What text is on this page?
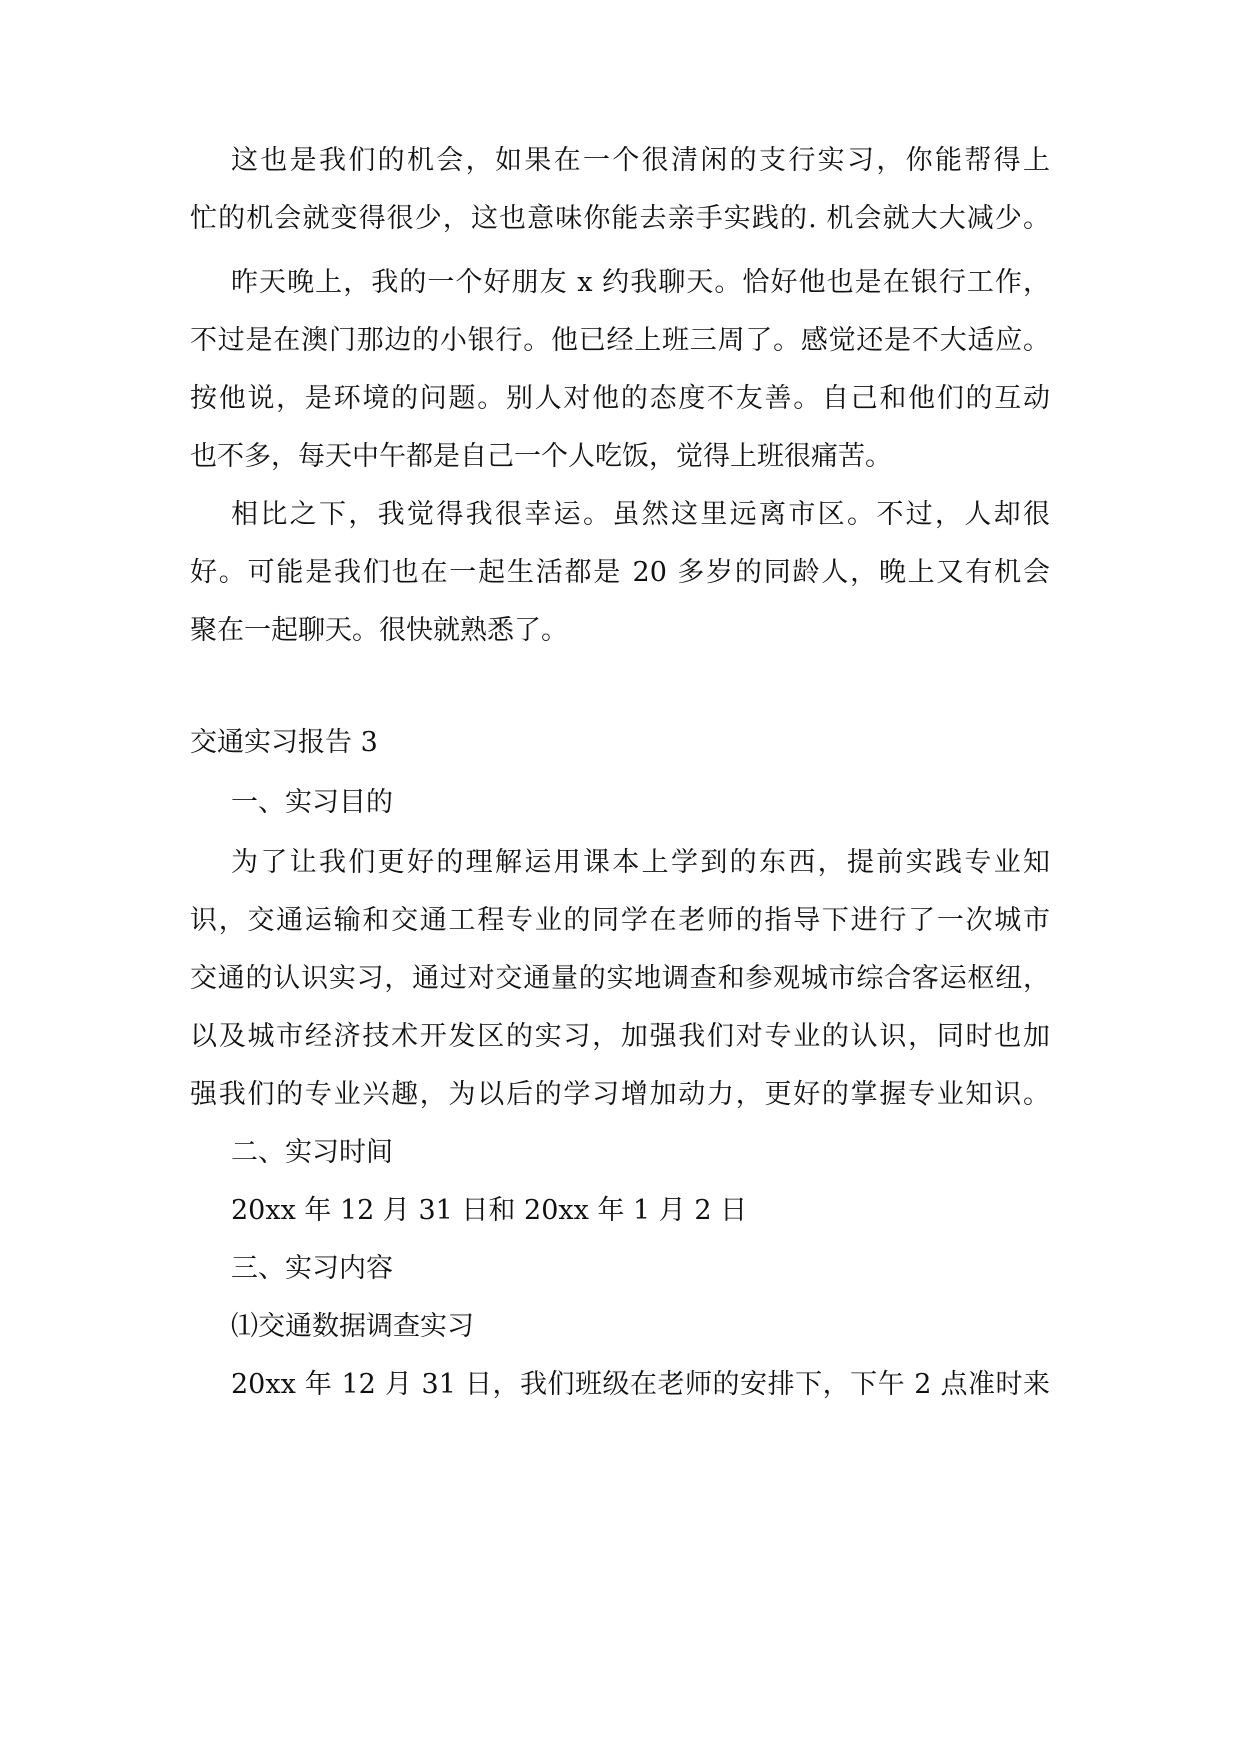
这也是我们的机会，如果在一个很清闲的支行实习，你能帮得上

忙的机会就变得很少，这也意味你能去亲手实践的. 机会就大大减少。

昨天晚上，我的一个好朋友 x 约我聊天。恰好他也是在银行工作，

不过是在澳门那边的小银行。他已经上班三周了。感觉还是不大适应。

按他说，是环境的问题。别人对他的态度不友善。自己和他们的互动

也不多，每天中午都是自己一个人吃饭，觉得上班很痛苦。

相比之下，我觉得我很幸运。虽然这里远离市区。不过，人却很

好。可能是我们也在一起生活都是 20 多岁的同龄人，晚上又有机会

聚在一起聊天。很快就熟悉了。

交通实习报告 3

一、实习目的

为了让我们更好的理解运用课本上学到的东西，提前实践专业知

识，交通运输和交通工程专业的同学在老师的指导下进行了一次城市

交通的认识实习，通过对交通量的实地调查和参观城市综合客运枢纽，

以及城市经济技术开发区的实习，加强我们对专业的认识，同时也加

强我们的专业兴趣，为以后的学习增加动力，更好的掌握专业知识。

二、实习时间

20xx 年 12 月 31 日和 20xx 年 1 月 2 日

三、实习内容

⑴交通数据调查实习

20xx 年 12 月 31 日，我们班级在老师的安排下，下午 2 点准时来
